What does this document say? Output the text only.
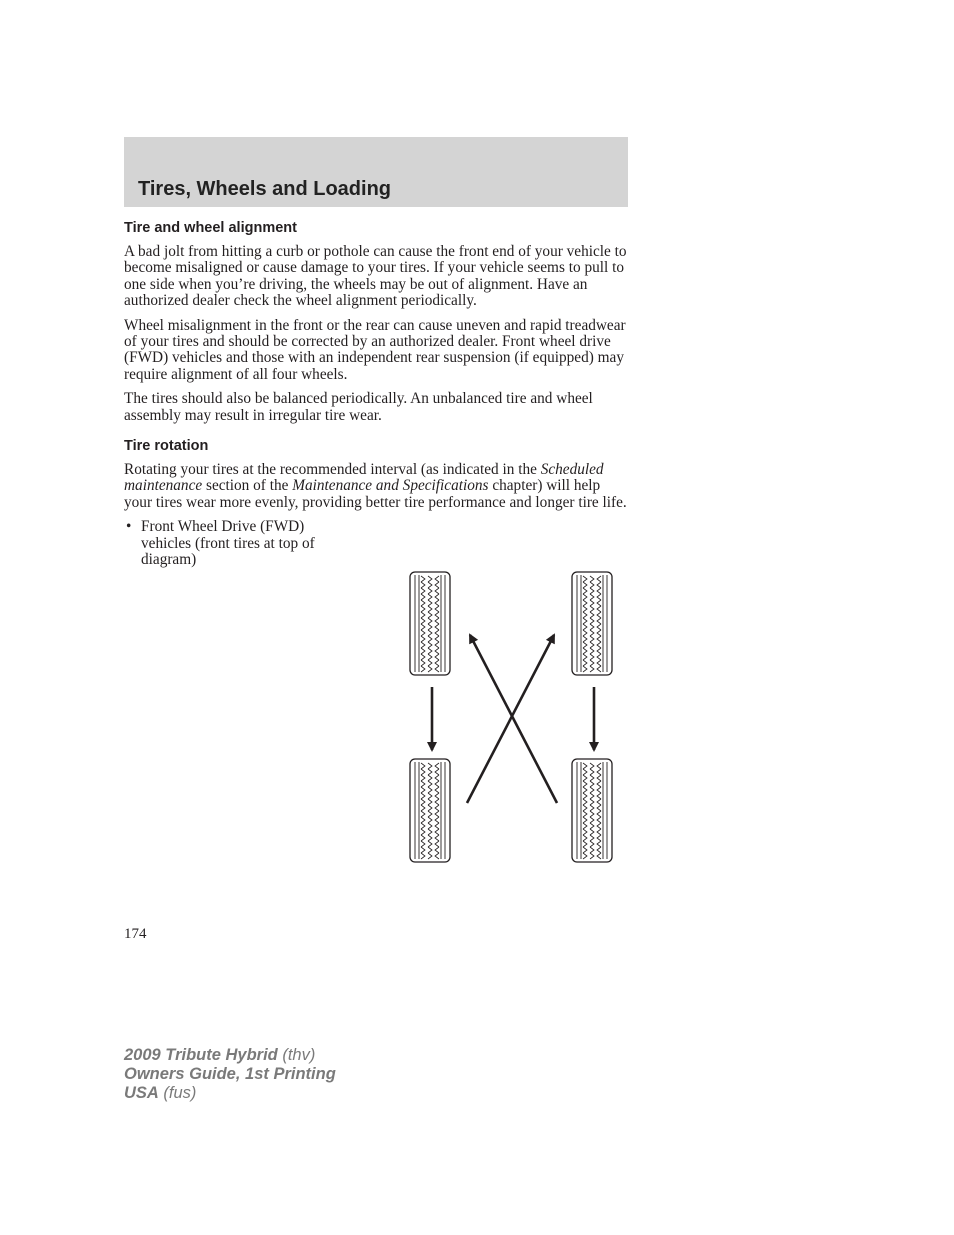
Tires, Wheels and Loading
Tire and wheel alignment

A bad jolt from hitting a curb or pothole can cause the front end of your vehicle to become misaligned or cause damage to your tires. If your vehicle seems to pull to one side when you’re driving, the wheels may be out of alignment. Have an authorized dealer check the wheel alignment periodically.

Wheel misalignment in the front or the rear can cause uneven and rapid treadwear of your tires and should be corrected by an authorized dealer. Front wheel drive (FWD) vehicles and those with an independent rear suspension (if equipped) may require alignment of all four wheels.

The tires should also be balanced periodically. An unbalanced tire and wheel assembly may result in irregular tire wear.

Tire rotation

Rotating your tires at the recommended interval (as indicated in the Scheduled maintenance section of the Maintenance and Specifications chapter) will help your tires wear more evenly, providing better tire performance and longer tire life.

• Front Wheel Drive (FWD) vehicles (front tires at top of diagram)
174
2009 Tribute Hybrid (thv)
Owners Guide, 1st Printing
USA (fus)
